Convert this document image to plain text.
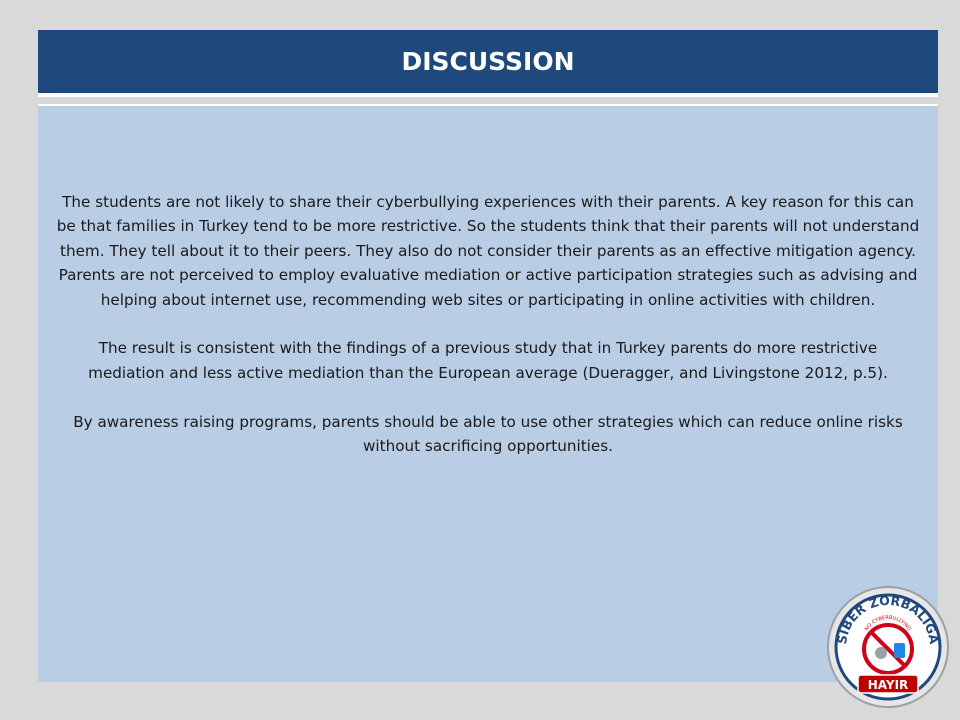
DISCUSSION

The students are not likely to share their cyberbullying experiences with their parents. A key reason for this can be that families in Turkey tend to be more restrictive. So the students think that their parents will not understand them. They tell about it to their peers. They also do not consider their parents as an effective mitigation agency. Parents are not perceived to employ evaluative mediation or active participation strategies such as advising and helping about internet use, recommending web sites or participating in online activities with children.

The result is consistent with the findings of a previous study that in Turkey parents do more restrictive mediation and less active mediation than the European average (Dueragger, and Livingstone 2012, p.5).

By awareness raising programs, parents should be able to use other strategies which can reduce online risks without sacrificing opportunities.

SİBER ZORBALIĞA
NO CYBERBULLYING
HAYIR
